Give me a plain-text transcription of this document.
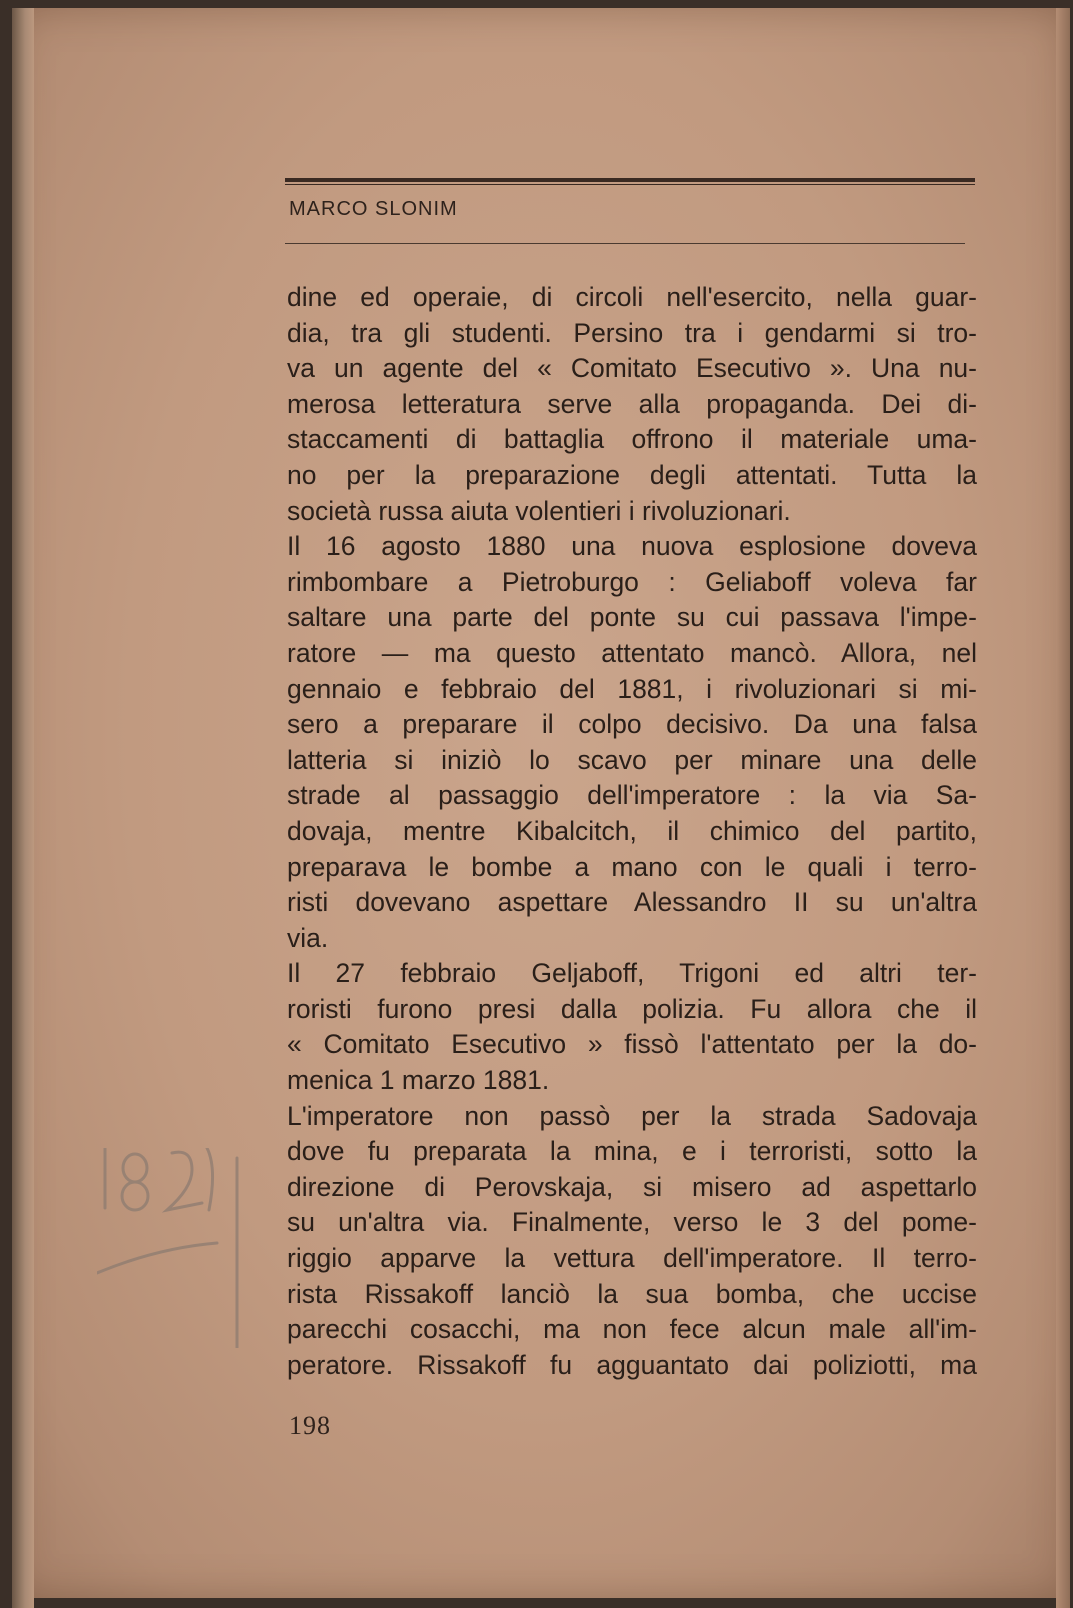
MARCO SLONIM
dine ed operaie, di circoli nell'esercito, nella guar-
dia, tra gli studenti. Persino tra i gendarmi si tro-
va un agente del « Comitato Esecutivo ». Una nu-
merosa letteratura serve alla propaganda. Dei di-
staccamenti di battaglia offrono il materiale uma-
no per la preparazione degli attentati. Tutta la
società russa aiuta volentieri i rivoluzionari.
Il 16 agosto 1880 una nuova esplosione doveva
rimbombare a Pietroburgo : Geliaboff voleva far
saltare una parte del ponte su cui passava l'impe-
ratore — ma questo attentato mancò. Allora, nel
gennaio e febbraio del 1881, i rivoluzionari si mi-
sero a preparare il colpo decisivo. Da una falsa
latteria si iniziò lo scavo per minare una delle
strade al passaggio dell'imperatore : la via Sa-
dovaja, mentre Kibalcitch, il chimico del partito,
preparava le bombe a mano con le quali i terro-
risti dovevano aspettare Alessandro II su un'altra
via.
Il 27 febbraio Geljaboff, Trigoni ed altri ter-
roristi furono presi dalla polizia. Fu allora che il
« Comitato Esecutivo » fissò l'attentato per la do-
menica 1 marzo 1881.
L'imperatore non passò per la strada Sadovaja
dove fu preparata la mina, e i terroristi, sotto la
direzione di Perovskaja, si misero ad aspettarlo
su un'altra via. Finalmente, verso le 3 del pome-
riggio apparve la vettura dell'imperatore. Il terro-
rista Rissakoff lanciò la sua bomba, che uccise
parecchi cosacchi, ma non fece alcun male all'im-
peratore. Rissakoff fu agguantato dai poliziotti, ma
1881
198
